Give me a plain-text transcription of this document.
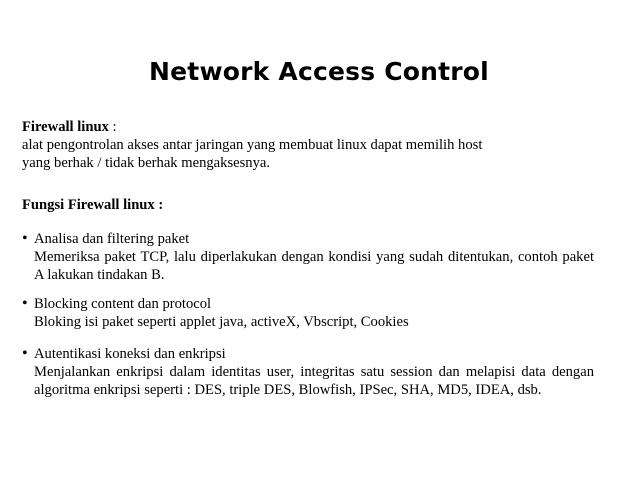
Network Access Control

Firewall linux :

alat pengontrolan akses antar jaringan yang membuat linux dapat memilih host

yang berhak / tidak berhak mengaksesnya.

Fungsi Firewall linux :
• Analisa dan filtering paket
Memeriksa paket TCP, lalu diperlakukan dengan kondisi yang sudah ditentukan, contoh paket A lakukan tindakan B.
• Blocking content dan protocol
Bloking isi paket seperti applet java, activeX, Vbscript, Cookies
• Autentikasi koneksi dan enkripsi
Menjalankan enkripsi dalam identitas user, integritas satu session dan melapisi data dengan algoritma enkripsi seperti : DES, triple DES, Blowfish, IPSec, SHA, MD5, IDEA, dsb.
